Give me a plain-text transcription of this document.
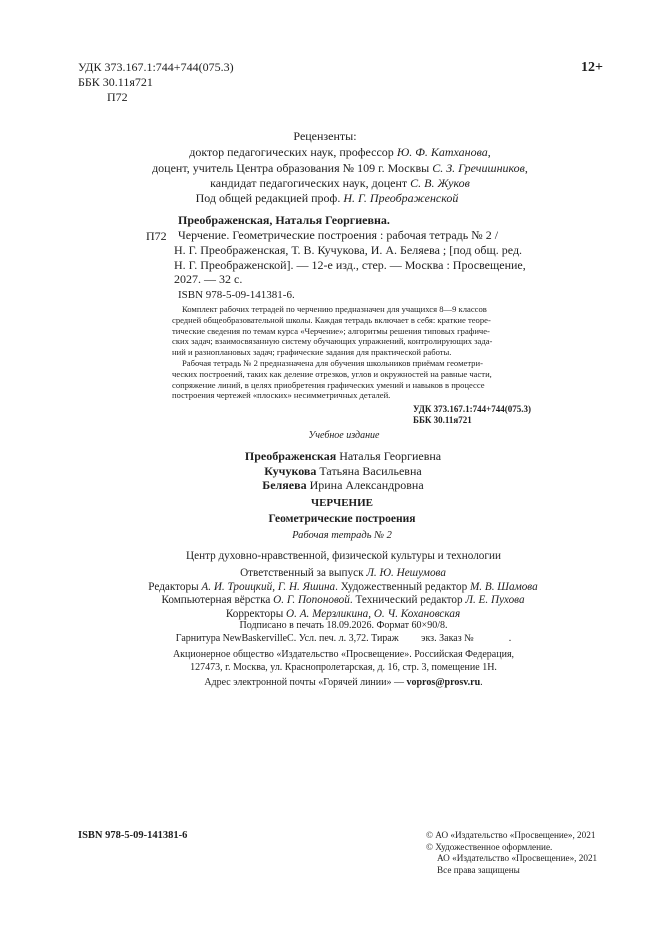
УДК 373.167.1:744+744(075.3)
ББК 30.11я721
П72
12+
Рецензенты:
доктор педагогических наук, профессор Ю. Ф. Катханова,
доцент, учитель Центра образования № 109 г. Москвы С. З. Гречишников,
кандидат педагогических наук, доцент С. В. Жуков
Под общей редакцией проф. Н. Г. Преображенской
Преображенская, Наталья Георгиевна.
П72 Черчение. Геометрические построения : рабочая тетрадь № 2 /
Н. Г. Преображенская, Т. В. Кучукова, И. А. Беляева ; [под общ. ред.
Н. Г. Преображенской]. — 12-е изд., стер. — Москва : Просвещение,
2027. — 32 с.
ISBN 978-5-09-141381-6.
Комплект рабочих тетрадей по черчению предназначен для учащихся 8—9 классов
средней общеобразовательной школы. Каждая тетрадь включает в себя: краткие теоре-
тические сведения по темам курса «Черчение»; алгоритмы решения типовых графиче-
ских задач; взаимосвязанную систему обучающих упражнений, контролирующих зада-
ний и разноплановых задач; графические задания для практической работы.
Рабочая тетрадь № 2 предназначена для обучения школьников приёмам геометри-
ческих построений, таких как деление отрезков, углов и окружностей на равные части,
сопряжение линий, в целях приобретения графических умений и навыков в процессе
построения чертежей «плоских» несимметричных деталей.
УДК 373.167.1:744+744(075.3)
ББК 30.11я721
Учебное издание
Преображенская Наталья Георгиевна
Кучукова Татьяна Васильевна
Беляева Ирина Александровна
ЧЕРЧЕНИЕ
Геометрические построения
Рабочая тетрадь № 2
Центр духовно-нравственной, физической культуры и технологии
Ответственный за выпуск Л. Ю. Нешумова
Редакторы А. И. Троицкий, Г. Н. Яшина. Художественный редактор М. В. Шамова
Компьютерная вёрстка О. Г. Попоновой. Технический редактор Л. Е. Пухова
Корректоры О. А. Мерзликина, О. Ч. Кохановская
Подписано в печать 18.09.2026. Формат 60×90/8.
Гарнитура NewBaskervilleC. Усл. печ. л. 3,72. Тираж         экз. Заказ №              .
Акционерное общество «Издательство «Просвещение». Российская Федерация,
127473, г. Москва, ул. Краснопролетарская, д. 16, стр. 3, помещение 1Н.
Адрес электронной почты «Горячей линии» — vopros@prosv.ru.
ISBN 978-5-09-141381-6	© АО «Издательство «Просвещение», 2021
© Художественное оформление.
АО «Издательство «Просвещение», 2021
Все права защищены
